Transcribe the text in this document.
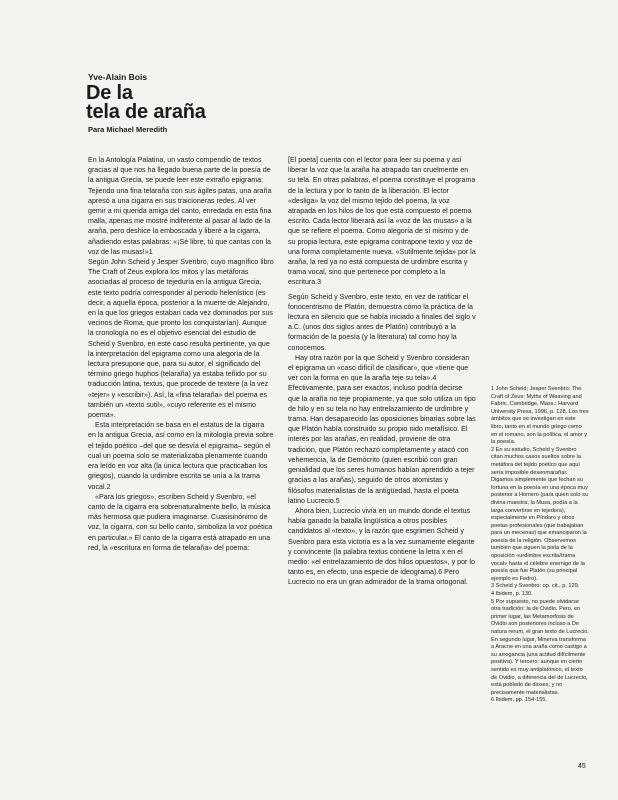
Yve-Alain Bois
De la
tela de araña
Para Michael Meredith

En la Antología Palatina, un vasto compendio de textos gracias al que nos ha llegado buena parte de la poesía de la antigua Grecia, se puede leer este extraño epigrama:

Tejiendo una fina telaraña con sus ágiles patas, una araña apresó a una cigarra en sus traicioneras redes. Al ver gemir a mi querida amiga del canto, enredada en esta fina malla, apenas me mostré indiferente al pasar al lado de la araña, pero deshice la emboscada y liberé a la cigarra, añadiendo estas palabras: «¡Sé libre, tú que cantas con la voz de las musas!»1

Según John Scheid y Jesper Svenbro, cuyo magnífico libro The Craft of Zeus explora los mitos y las metáforas asociadas al proceso de tejeduría en la antigua Grecia, este texto podría corresponder al periodo helenístico (es decir, a aquella época, posterior a la muerte de Alejandro, en la que los griegos estaban cada vez dominados por sus vecinos de Roma, que pronto los conquistarían). Aunque la cronología no es el objetivo esencial del estudio de Scheid y Svenbro, en este caso resulta pertinente, ya que la interpretación del epigrama como una alegoría de la lectura presupone que, para su autor, el significado del término griego huphos (telaraña) ya estaba teñido por su traducción latina, textus, que procede de textere (a la vez «tejer» y «escribir»). Así, la «fina telaraña» del poema es también un «texto sutil», «cuyo referente es el mismo poema».

Esta interpretación se basa en el estatus de la cigarra en la antigua Grecia, así como en la mitología previa sobre el tejido poético –del que se desvía el epigrama– según el cual un poema solo se materializaba plenamente cuando era leído en voz alta (la única lectura que practicaban los griegos), cuando la urdimbre escrita se unía a la trama vocal.2

«Para los griegos», escriben Scheid y Svenbro, «el canto de la cigarra era sobrenaturalmente bello, la música más hermosa que pudiera imaginarse. Cuasisinónimo de voz, la cigarra, con su bello canto, simboliza la voz poética en particular.» El canto de la cigarra está atrapado en una red, la «escritura en forma de telaraña» del poema:

[El poeta] cuenta con el lector para leer su poema y así liberar la voz que la araña ha atrapado tan cruelmente en su tela. En otras palabras, el poema constituye el programa de la lectura y por lo tanto de la liberación. El lector «desliga» la voz del mismo tejido del poema, la voz atrapada en los hilos de los que está compuesto el poema escrito. Cada lector liberará así la «voz de las musas» a la que se refiere el poema. Como alegoría de sí mismo y de su propia lectura, este epigrama contrapone texto y voz de una forma completamente nueva. «Sutilmente tejida» por la araña, la red ya no está compuesta de urdimbre escrita y trama vocal, sino que pertenece por completo a la escritura.3

Según Scheid y Svenbro, este texto, en vez de ratificar el fonocentrismo de Platón, demuestra cómo la práctica de la lectura en silencio que se había iniciado a finales del siglo v a.C. (unos dos siglos antes de Platón) contribuyó a la formación de la poesía (y la literatura) tal como hoy la conocemos.

Hay otra razón por la que Scheid y Svenbro consideran el epigrama un «caso difícil de clasificar», que «tiene que ver con la forma en que la araña teje su tela».4 Efectivamente, para ser exactos, incluso podría decirse que la araña no teje propiamente, ya que solo utiliza un tipo de hilo y en su tela no hay entrelazamiento de urdimbre y trama. Han desaparecido las oposiciones binarias sobre las que Platón había construido su propio nido metafísico. El interés por las arañas, en realidad, proviene de otra tradición, que Platón rechazó completamente y atacó con vehemencia, la de Demócrito (quien escribió con gran genialidad que los seres humanos habían aprendido a tejer gracias a las arañas), seguido de otros atomistas y filósofos materialistas de la antigüedad, hasta el poeta latino Lucrecio.5

Ahora bien, Lucrecio vivía en un mundo donde el textus había ganado la batalla lingüística a otros posibles candidatos al «texto», y la razón que esgrimen Scheid y Svenbro para esta victoria es a la vez sumamente elegante y convincente (la palabra textus contiene la letra x en el medio: «el entrelazamiento de dos hilos opuestos», y por lo tanto es, en efecto, una especie de ideograma).6 Pero Lucrecio no era un gran admirador de la trama ortogonal.

1 John Scheid; Jesper Svenbro: The Craft of Zeus: Myths of Weaving and Fabric. Cambridge, Mass.: Harvard University Press, 1996, p. 128. Los tres ámbitos que se investigan en este libro, tanto en el mundo griego como en el romano, son la política, el amor y la poesía.

2 En su estudio, Scheid y Svenbro citan muchos casos sueltos sobre la metáfora del tejido poético que aquí sería imposible desenmarañar. Digamos simplemente que fechan su fortuna en la poesía en una época muy posterior a Homero (para quien solo su divina maestra, la Musa, podía a la larga convertirse en tejedora), especialmente en Píndaro y otros poetas profesionales (que trabajaban para un mecenas) que emanciparon la poesía de la religión. Observemos también que siguen la pista de la oposición «urdimbre escrita/trama vocal» hasta el célebre enemigo de la poesía que fue Platón (su principal ejemplo es Fedro).

3 Scheid y Svenbro: op. cit., p. 129.

4 Ibidem, p. 130.

5 Por supuesto, no puede olvidarse otra tradición: la de Ovidio. Pero, en primer lugar, las Metamorfosis de Ovidio son posteriores incluso a De natura rerum, el gran texto de Lucrecio. En segundo lugar, Minerva transforma a Aracne en una araña como castigo a su arrogancia (una actitud difícilmente positiva). Y tercero: aunque en cierto sentido es muy antiplatónico, el texto de Ovidio, a diferencia del de Lucrecio, está poblado de dioses, y no precisamente materialistas.

6 Ibidem, pp. 154-155.

45
